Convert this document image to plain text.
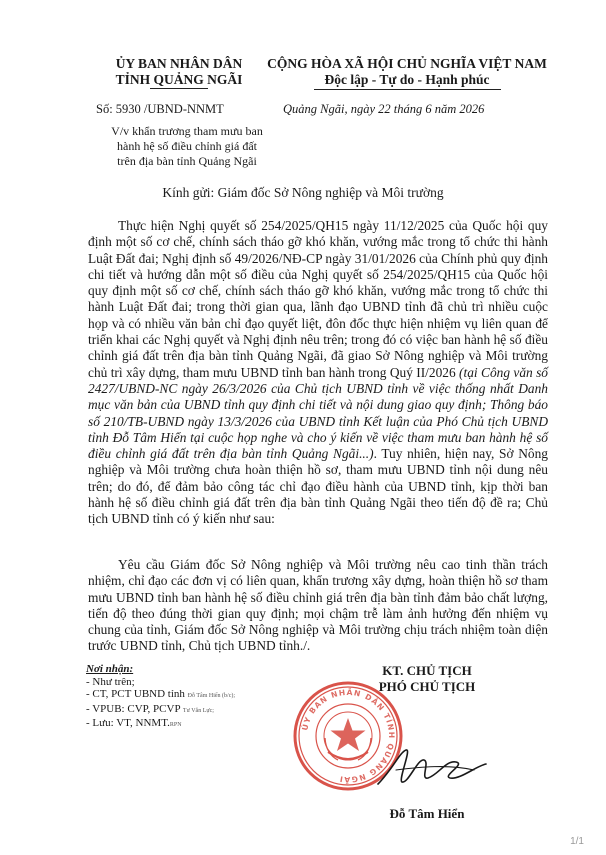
ỦY BAN NHÂN DÂN
TỈNH QUẢNG NGÃI
CỘNG HÒA XÃ HỘI CHỦ NGHĨA VIỆT NAM
Độc lập - Tự do - Hạnh phúc
Số: 5930 /UBND-NNMT	Quảng Ngãi, ngày 22 tháng 6 năm 2026
V/v khẩn trương tham mưu ban
hành hệ số điều chỉnh giá đất
trên địa bàn tỉnh Quảng Ngãi
Kính gửi: Giám đốc Sở Nông nghiệp và Môi trường
Thực hiện Nghị quyết số 254/2025/QH15 ngày 11/12/2025 của Quốc hội quy định một số cơ chế, chính sách tháo gỡ khó khăn, vướng mắc trong tổ chức thi hành Luật Đất đai; Nghị định số 49/2026/NĐ-CP ngày 31/01/2026 của Chính phủ quy định chi tiết và hướng dẫn một số điều của Nghị quyết số 254/2025/QH15 của Quốc hội quy định một số cơ chế, chính sách tháo gỡ khó khăn, vướng mắc trong tổ chức thi hành Luật Đất đai; trong thời gian qua, lãnh đạo UBND tỉnh đã chủ trì nhiều cuộc họp và có nhiều văn bản chỉ đạo quyết liệt, đôn đốc thực hiện nhiệm vụ liên quan để triển khai các Nghị quyết và Nghị định nêu trên; trong đó có việc ban hành hệ số điều chỉnh giá đất trên địa bàn tỉnh Quảng Ngãi, đã giao Sở Nông nghiệp và Môi trường chủ trì xây dựng, tham mưu UBND tỉnh ban hành trong Quý II/2026 (tại Công văn số 2427/UBND-NC ngày 26/3/2026 của Chủ tịch UBND tỉnh về việc thống nhất Danh mục văn bản của UBND tỉnh quy định chi tiết và nội dung giao quy định; Thông báo số 210/TB-UBND ngày 13/3/2026 của UBND tỉnh Kết luận của Phó Chủ tịch UBND tỉnh Đỗ Tâm Hiển tại cuộc họp nghe và cho ý kiến về việc tham mưu ban hành hệ số điều chỉnh giá đất trên địa bàn tỉnh Quảng Ngãi...). Tuy nhiên, hiện nay, Sở Nông nghiệp và Môi trường chưa hoàn thiện hồ sơ, tham mưu UBND tỉnh nội dung nêu trên; do đó, để đảm bảo công tác chỉ đạo điều hành của UBND tỉnh, kịp thời ban hành hệ số điều chỉnh giá đất trên địa bàn tỉnh Quảng Ngãi theo tiến độ đề ra; Chủ tịch UBND tỉnh có ý kiến như sau:
Yêu cầu Giám đốc Sở Nông nghiệp và Môi trường nêu cao tinh thần trách nhiệm, chỉ đạo các đơn vị có liên quan, khẩn trương xây dựng, hoàn thiện hồ sơ tham mưu UBND tỉnh ban hành hệ số điều chỉnh giá trên địa bàn tỉnh đảm bảo chất lượng, tiến độ theo đúng thời gian quy định; mọi chậm trễ làm ảnh hưởng đến nhiệm vụ chung của tỉnh, Giám đốc Sở Nông nghiệp và Môi trường chịu trách nhiệm toàn diện trước UBND tỉnh, Chủ tịch UBND tỉnh./.
Nơi nhận:
- Như trên;
- CT, PCT UBND tỉnh Đỗ Tâm Hiển (b/c);
- VPUB: CVP, PCVP Tư Văn Lực;
- Lưu: VT, NNMT.RPN
KT. CHỦ TỊCH
PHÓ CHỦ TỊCH
ỦY BAN NHÂN DÂN TỈNH QUẢNG NGÃI
Đỗ Tâm Hiển
1/1
